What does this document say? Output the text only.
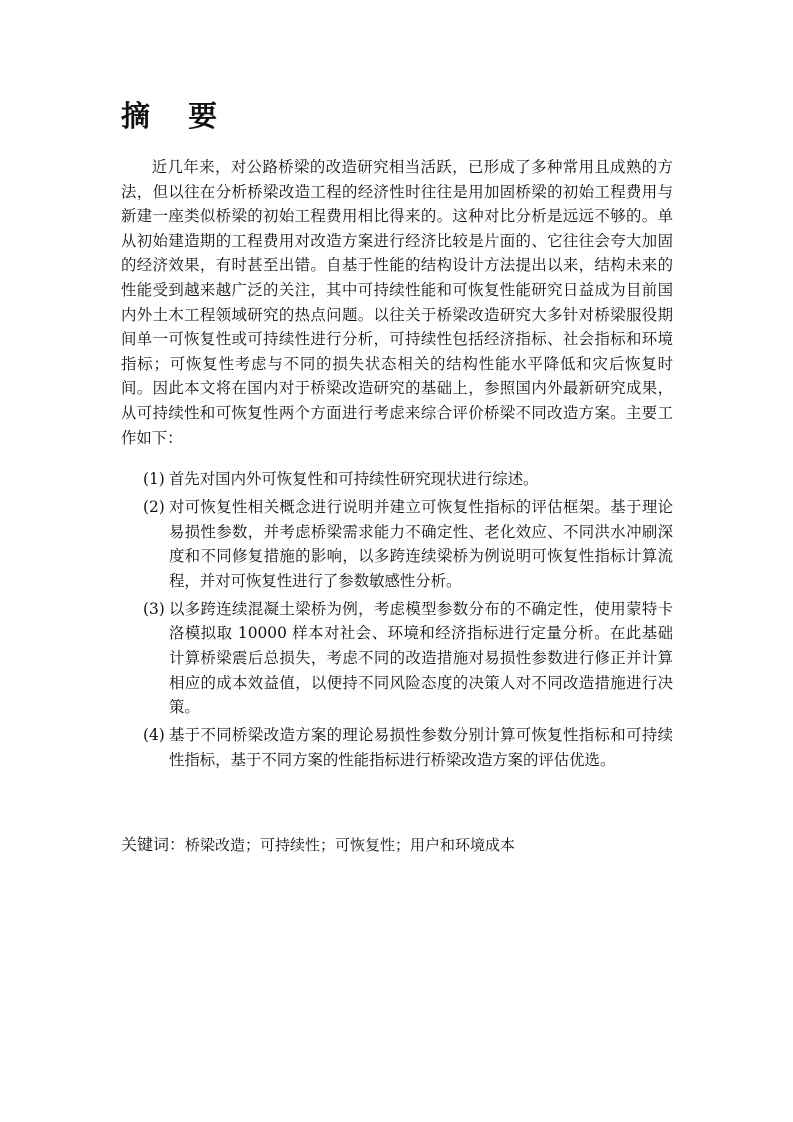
摘 要

近几年来，对公路桥梁的改造研究相当活跃，已形成了多种常用且成熟的方法，但以往在分析桥梁改造工程的经济性时往往是用加固桥梁的初始工程费用与新建一座类似桥梁的初始工程费用相比得来的。这种对比分析是远远不够的。单从初始建造期的工程费用对改造方案进行经济比较是片面的、它往往会夸大加固的经济效果，有时甚至出错。自基于性能的结构设计方法提出以来，结构未来的性能受到越来越广泛的关注，其中可持续性能和可恢复性能研究日益成为目前国内外土木工程领域研究的热点问题。以往关于桥梁改造研究大多针对桥梁服役期间单一可恢复性或可持续性进行分析，可持续性包括经济指标、社会指标和环境指标；可恢复性考虑与不同的损失状态相关的结构性能水平降低和灾后恢复时间。因此本文将在国内对于桥梁改造研究的基础上，参照国内外最新研究成果，从可持续性和可恢复性两个方面进行考虑来综合评价桥梁不同改造方案。主要工作如下：

(1) 首先对国内外可恢复性和可持续性研究现状进行综述。
(2) 对可恢复性相关概念进行说明并建立可恢复性指标的评估框架。基于理论易损性参数，并考虑桥梁需求能力不确定性、老化效应、不同洪水冲刷深度和不同修复措施的影响，以多跨连续梁桥为例说明可恢复性指标计算流程，并对可恢复性进行了参数敏感性分析。
(3) 以多跨连续混凝土梁桥为例，考虑模型参数分布的不确定性，使用蒙特卡洛模拟取 10000 样本对社会、环境和经济指标进行定量分析。在此基础计算桥梁震后总损失，考虑不同的改造措施对易损性参数进行修正并计算相应的成本效益值，以便持不同风险态度的决策人对不同改造措施进行决策。
(4) 基于不同桥梁改造方案的理论易损性参数分别计算可恢复性指标和可持续性指标，基于不同方案的性能指标进行桥梁改造方案的评估优选。

关键词：桥梁改造；可持续性；可恢复性；用户和环境成本
